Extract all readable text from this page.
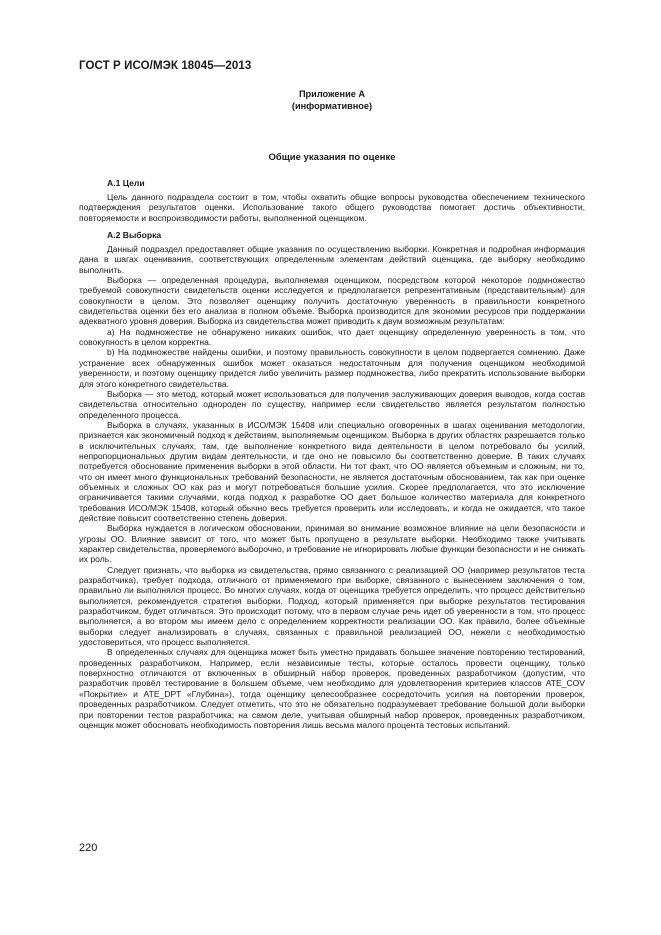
ГОСТ Р ИСО/МЭК 18045—2013
Приложение А
(информативное)
Общие указания по оценке
А.1 Цели

Цель данного подраздела состоит в том, чтобы охватить общие вопросы руководства обеспечением технического подтверждения результатов оценки. Использование такого общего руководства помогает достичь объективности, повторяемости и воспроизводимости работы, выполненной оценщиком.

А.2 Выборка

Данный подраздел предоставляет общие указания по осуществлению выборки. Конкретная и подробная информация дана в шагах оценивания, соответствующих определенным элементам действий оценщика, где выборку необходимо выполнить.

Выборка — определенная процедура, выполняемая оценщиком, посредством которой некоторое подмножество требуемой совокупности свидетельств оценки исследуется и предполагается репрезентативным (представительным) для совокупности в целом. Это позволяет оценщику получить достаточную уверенность в правильности конкретного свидетельства оценки без его анализа в полном объеме. Выборка производится для экономии ресурсов при поддержании адекватного уровня доверия. Выборка из свидетельства может приводить к двум возможным результатам:

a) На подмножестве не обнаружено никаких ошибок, что дает оценщику определенную уверенность в том, что совокупность в целом корректна.

b) На подмножестве найдены ошибки, и поэтому правильность совокупности в целом подвергается сомнению. Даже устранение всех обнаруженных ошибок может оказаться недостаточным для получения оценщиком необходимой уверенности, и поэтому оценщику придется либо увеличить размер подмножества, либо прекратить использование выборки для этого конкретного свидетельства.

Выборка — это метод, который может использоваться для получения заслуживающих доверия выводов, когда состав свидетельства относительно однороден по существу, например если свидетельство является результатом полностью определенного процесса.

Выборка в случаях, указанных в ИСО/МЭК 15408 или специально оговоренных в шагах оценивания методологии, признается как экономичный подход к действиям, выполняемым оценщиком. Выборка в других областях разрешается только в исключительных случаях, там, где выполнение конкретного вида деятельности в целом потребовало бы усилий, непропорциональных другим видам деятельности, и где оно не повысило бы соответственно доверие. В таких случаях потребуется обоснование применения выборки в этой области. Ни тот факт, что ОО является объемным и сложным, ни то, что он имеет много функциональных требований безопасности, не является достаточным обоснованием, так как при оценке объемных и сложных ОО как раз и могут потребоваться большие усилия. Скорее предполагается, что это исключение ограничивается такими случаями, когда подход к разработке ОО дает большое количество материала для конкретного требования ИСО/МЭК 15408, который обычно весь требуется проверить или исследовать, и когда не ожидается, что такое действие повысит соответственно степень доверия.

Выборка нуждается в логическом обосновании, принимая во внимание возможное влияние на цели безопасности и угрозы ОО. Влияние зависит от того, что может быть пропущено в результате выборки. Необходимо также учитывать характер свидетельства, проверяемого выборочно, и требование не игнорировать любые функции безопасности и не снижать их роль.

Следует признать, что выборка из свидетельства, прямо связанного с реализацией ОО (например результатов теста разработчика), требует подхода, отличного от применяемого при выборке, связанного с вынесением заключения о том, правильно ли выполнялся процесс. Во многих случаях, когда от оценщика требуется определить, что процесс действительно выполняется, рекомендуется стратегия выборки. Подход, который применяется при выборке результатов тестирования разработчиком, будет отличаться. Это происходит потому, что в первом случае речь идет об уверенности в том, что процесс выполняется, а во втором мы имеем дело с определением корректности реализации ОО. Как правило, более объемные выборки следует анализировать в случаях, связанных с правильной реализацией ОО, нежели с необходимостью удостовериться, что процесс выполняется.

В определенных случаях для оценщика может быть уместно придавать большее значение повторению тестирований, проведенных разработчиком. Например, если независимые тесты, которые осталось провести оценщику, только поверхностно отличаются от включенных в обширный набор проверок, проведенных разработчиком (допустим, что разработчик провёл тестирование в большем объеме, чем необходимо для удовлетворения критериев классов ATE_COV «Покрытие» и ATE_DPT «Глубина»), тогда оценщику целесообразнее сосредоточить усилия на повторении проверок, проведенных разработчиком. Следует отметить, что это не обязательно подразумевает требование большой доли выборки при повторении тестов разработчика; на самом деле, учитывая обширный набор проверок, проведенных разработчиком, оценщик может обосновать необходимость повторения лишь весьма малого процента тестовых испытаний.

220
